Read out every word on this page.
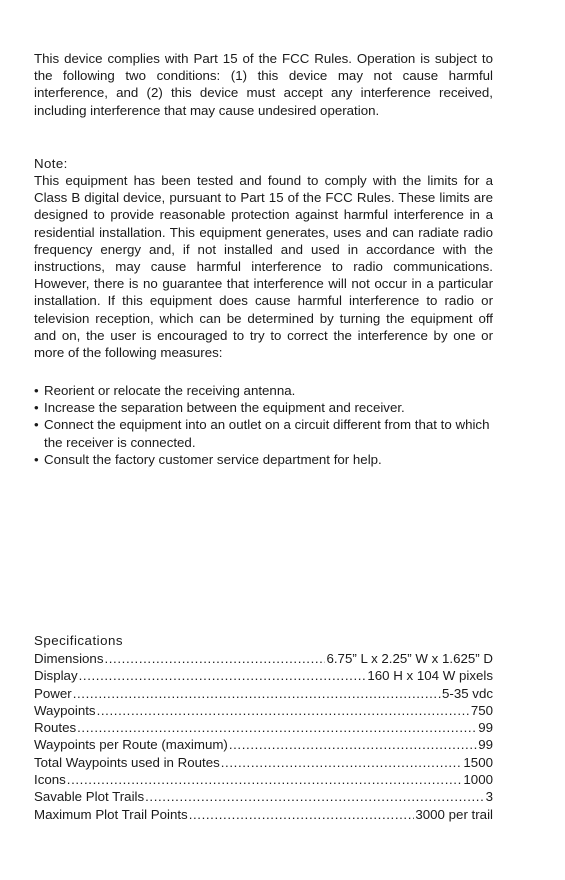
This device complies with Part 15 of the FCC Rules. Operation is subject to the following two conditions: (1) this device may not cause harmful interference, and (2) this device must accept any interference received, including interference that may cause undesired operation.

Note:

This equipment has been tested and found to comply with the limits for a Class B digital device, pursuant to Part 15 of the FCC Rules. These limits are designed to provide reasonable protection against harmful interference in a residential installation. This equipment generates, uses and can radiate radio frequency energy and, if not installed and used in accordance with the instructions, may cause harmful interference to radio communications. However, there is no guarantee that interference will not occur in a particular installation. If this equipment does cause harmful interference to radio or television reception, which can be determined by turning the equipment off and on, the user is encouraged to try to correct the interference by one or more of the following measures:

• Reorient or relocate the receiving antenna.
• Increase the separation between the equipment and receiver.
• Connect the equipment into an outlet on a circuit different from that to which the receiver is connected.
• Consult the factory customer service department for help.
Specifications
Dimensions .....	6.75” L x 2.25” W x 1.625” D
Display .....	160 H x 104 W pixels
Power .....	5-35 vdc
Waypoints .....	750
Routes .....	99
Waypoints per Route (maximum) .....	99
Total Waypoints used in Routes .....	1500
Icons .....	1000
Savable Plot Trails .....	3
Maximum Plot Trail Points .....	3000 per trail
